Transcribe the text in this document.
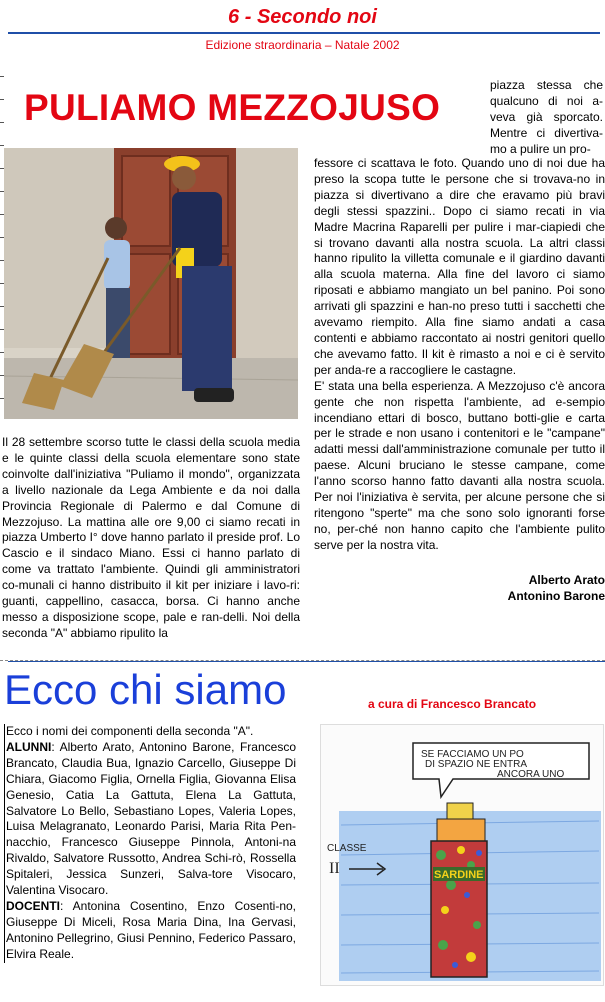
6 - Secondo noi
Edizione straordinaria – Natale 2002
PULIAMO MEZZOJUSO
piazza stessa che qualcuno di noi a-veva già sporcato. Mentre ci divertiva-mo a pulire un pro-
Il 28 settembre scorso tutte le classi della scuola media e le quinte classi della scuola elementare sono state coinvolte dall'iniziativa "Puliamo il mondo", organizzata a livello nazionale da Lega Ambiente e da noi dalla Provincia Regionale di Palermo e dal Comune di Mezzojuso. La mattina alle ore 9,00 ci siamo recati in piazza Umberto I° dove hanno parlato il preside prof. Lo Cascio e il sindaco Miano. Essi ci hanno parlato di come va trattato l'ambiente. Quindi gli amministratori co-munali ci hanno distribuito il kit per iniziare i lavo-ri: guanti, cappellino, casacca, borsa. Ci hanno anche messo a disposizione scope, pale e ran-delli. Noi della seconda "A" abbiamo ripulito la
fessore ci scattava le foto. Quando uno di noi due ha preso la scopa tutte le persone che si trovava-no in piazza si divertivano a dire che eravamo più bravi degli stessi spazzini.. Dopo ci siamo recati in via Madre Macrina Raparelli per pulire i mar-ciapiedi che si trovano davanti alla nostra scuola. La altri classi hanno ripulito la villetta comunale e il giardino davanti alla scuola materna. Alla fine del lavoro ci siamo riposati e abbiamo mangiato un bel panino. Poi sono arrivati gli spazzini e han-no preso tutti i sacchetti che avevamo riempito. Alla fine siamo andati a casa contenti e abbiamo raccontato ai nostri genitori quello che avevamo fatto. Il kit è rimasto a noi e ci è servito per anda-re a raccogliere le castagne.
E' stata una bella esperienza. A Mezzojuso c'è ancora gente che non rispetta l'ambiente, ad e-sempio incendiano ettari di bosco, buttano botti-glie e carta per le strade e non usano i contenitori e le "campane" adatti messi dall'amministrazione comunale per tutto il paese. Alcuni bruciano le stesse campane, come l'anno scorso hanno fatto davanti alla nostra scuola. Per noi l'iniziativa è servita, per alcune persone che si ritengono "sperte" ma che sono solo ignoranti forse no, per-ché non hanno capito che l'ambiente pulito serve per la nostra vita.
Alberto Arato
Antonino Barone
Ecco chi siamo	a cura di Francesco Brancato

Ecco i nomi dei componenti della seconda "A".

ALUNNI: Alberto Arato, Antonino Barone, Francesco Brancato, Claudia Bua, Ignazio Carcello, Giuseppe Di Chiara, Giacomo Figlia, Ornella Figlia, Giovanna Elisa Genesio, Catia La Gattuta, Elena La Gattuta, Salvatore Lo Bello, Sebastiano Lopes, Valeria Lopes, Luisa Melagranato, Leonardo Parisi, Maria Rita Pen-nacchio, Francesco Giuseppe Pinnola, Antoni-na Rivaldo, Salvatore Russotto, Andrea Schi-rò, Rossella Spitaleri, Jessica Sunzeri, Salva-tore Visocaro, Valentina Visocaro.

DOCENTI: Antonina Cosentino, Enzo Cosenti-no, Giuseppe Di Miceli, Rosa Maria Dina, Ina Gervasi, Antonino Pellegrino, Giusi Pennino, Federico Passaro, Elvira Reale.

SE FACCIAMO UN PO
DI SPAZIO NE ENTRA
ANCORA UNO
SARDINE
CLASSE
II
